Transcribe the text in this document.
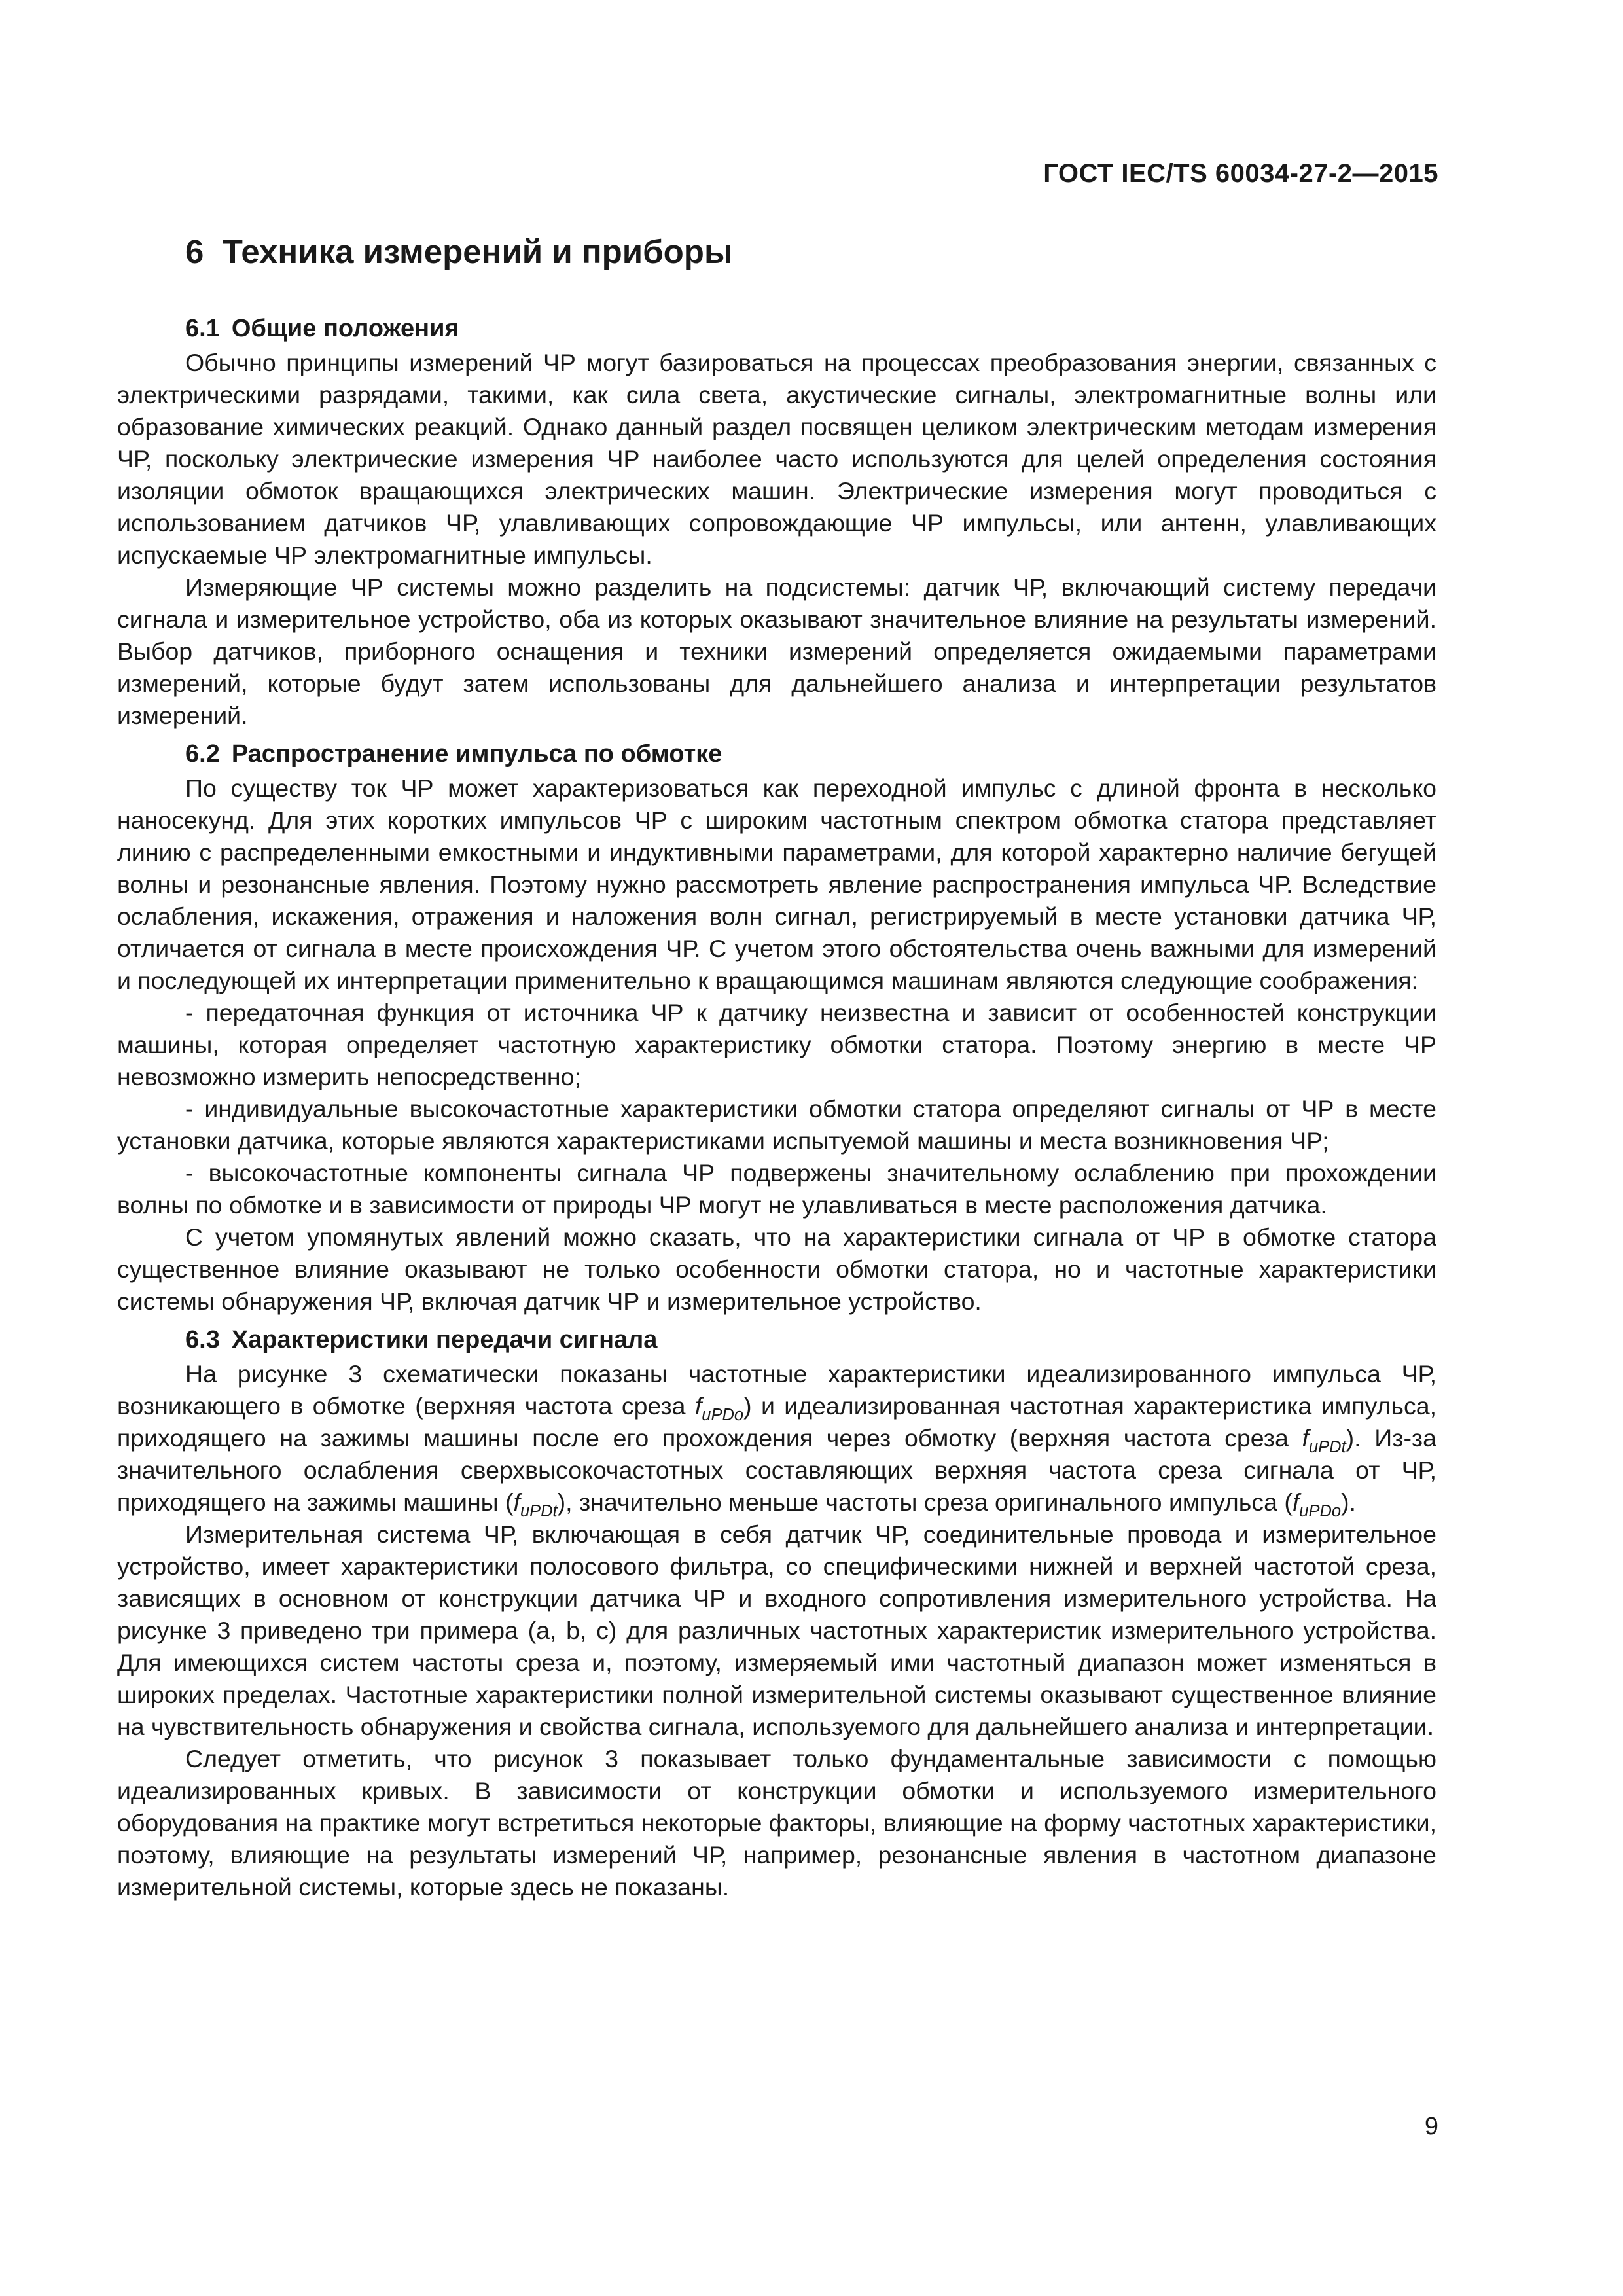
ГОСТ IEC/TS 60034-27-2—2015
6 Техника измерений и приборы
6.1 Общие положения

Обычно принципы измерений ЧР могут базироваться на процессах преобразования энергии, связанных с электрическими разрядами, такими, как сила света, акустические сигналы, электромагнитные волны или образование химических реакций. Однако данный раздел посвящен целиком электрическим методам измерения ЧР, поскольку электрические измерения ЧР наиболее часто используются для целей определения состояния изоляции обмоток вращающихся электрических машин. Электрические измерения могут проводиться с использованием датчиков ЧР, улавливающих сопровождающие ЧР импульсы, или антенн, улавливающих испускаемые ЧР электромагнитные импульсы.

Измеряющие ЧР системы можно разделить на подсистемы: датчик ЧР, включающий систему передачи сигнала и измерительное устройство, оба из которых оказывают значительное влияние на результаты измерений. Выбор датчиков, приборного оснащения и техники измерений определяется ожидаемыми параметрами измерений, которые будут затем использованы для дальнейшего анализа и интерпретации результатов измерений.

6.2 Распространение импульса по обмотке

По существу ток ЧР может характеризоваться как переходной импульс с длиной фронта в несколько наносекунд. Для этих коротких импульсов ЧР с широким частотным спектром обмотка статора представляет линию с распределенными емкостными и индуктивными параметрами, для которой характерно наличие бегущей волны и резонансные явления. Поэтому нужно рассмотреть явление распространения импульса ЧР. Вследствие ослабления, искажения, отражения и наложения волн сигнал, регистрируемый в месте установки датчика ЧР, отличается от сигнала в месте происхождения ЧР. С учетом этого обстоятельства очень важными для измерений и последующей их интерпретации применительно к вращающимся машинам являются следующие соображения:

- передаточная функция от источника ЧР к датчику неизвестна и зависит от особенностей конструкции машины, которая определяет частотную характеристику обмотки статора. Поэтому энергию в месте ЧР невозможно измерить непосредственно;

- индивидуальные высокочастотные характеристики обмотки статора определяют сигналы от ЧР в месте установки датчика, которые являются характеристиками испытуемой машины и места возникновения ЧР;

- высокочастотные компоненты сигнала ЧР подвержены значительному ослаблению при прохождении волны по обмотке и в зависимости от природы ЧР могут не улавливаться в месте расположения датчика.

С учетом упомянутых явлений можно сказать, что на характеристики сигнала от ЧР в обмотке статора существенное влияние оказывают не только особенности обмотки статора, но и частотные характеристики системы обнаружения ЧР, включая датчик ЧР и измерительное устройство.

6.3 Характеристики передачи сигнала

На рисунке 3 схематически показаны частотные характеристики идеализированного импульса ЧР, возникающего в обмотке (верхняя частота среза $f_{uPDo}$) и идеализированная частотная характеристика импульса, приходящего на зажимы машины после его прохождения через обмотку (верхняя частота среза $f_{uPDt}$). Из-за значительного ослабления сверхвысокочастотных составляющих верхняя частота среза сигнала от ЧР, приходящего на зажимы машины $(f_{uPDt})$, значительно меньше частоты среза оригинального импульса $(f_{uPDo})$.

Измерительная система ЧР, включающая в себя датчик ЧР, соединительные провода и измерительное устройство, имеет характеристики полосового фильтра, со специфическими нижней и верхней частотой среза, зависящих в основном от конструкции датчика ЧР и входного сопротивления измерительного устройства. На рисунке 3 приведено три примера (a, b, c) для различных частотных характеристик измерительного устройства. Для имеющихся систем частоты среза и, поэтому, измеряемый ими частотный диапазон может изменяться в широких пределах. Частотные характеристики полной измерительной системы оказывают существенное влияние на чувствительность обнаружения и свойства сигнала, используемого для дальнейшего анализа и интерпретации.

Следует отметить, что рисунок 3 показывает только фундаментальные зависимости с помощью идеализированных кривых. В зависимости от конструкции обмотки и используемого измерительного оборудования на практике могут встретиться некоторые факторы, влияющие на форму частотных характеристики, поэтому, влияющие на результаты измерений ЧР, например, резонансные явления в частотном диапазоне измерительной системы, которые здесь не показаны.

9
